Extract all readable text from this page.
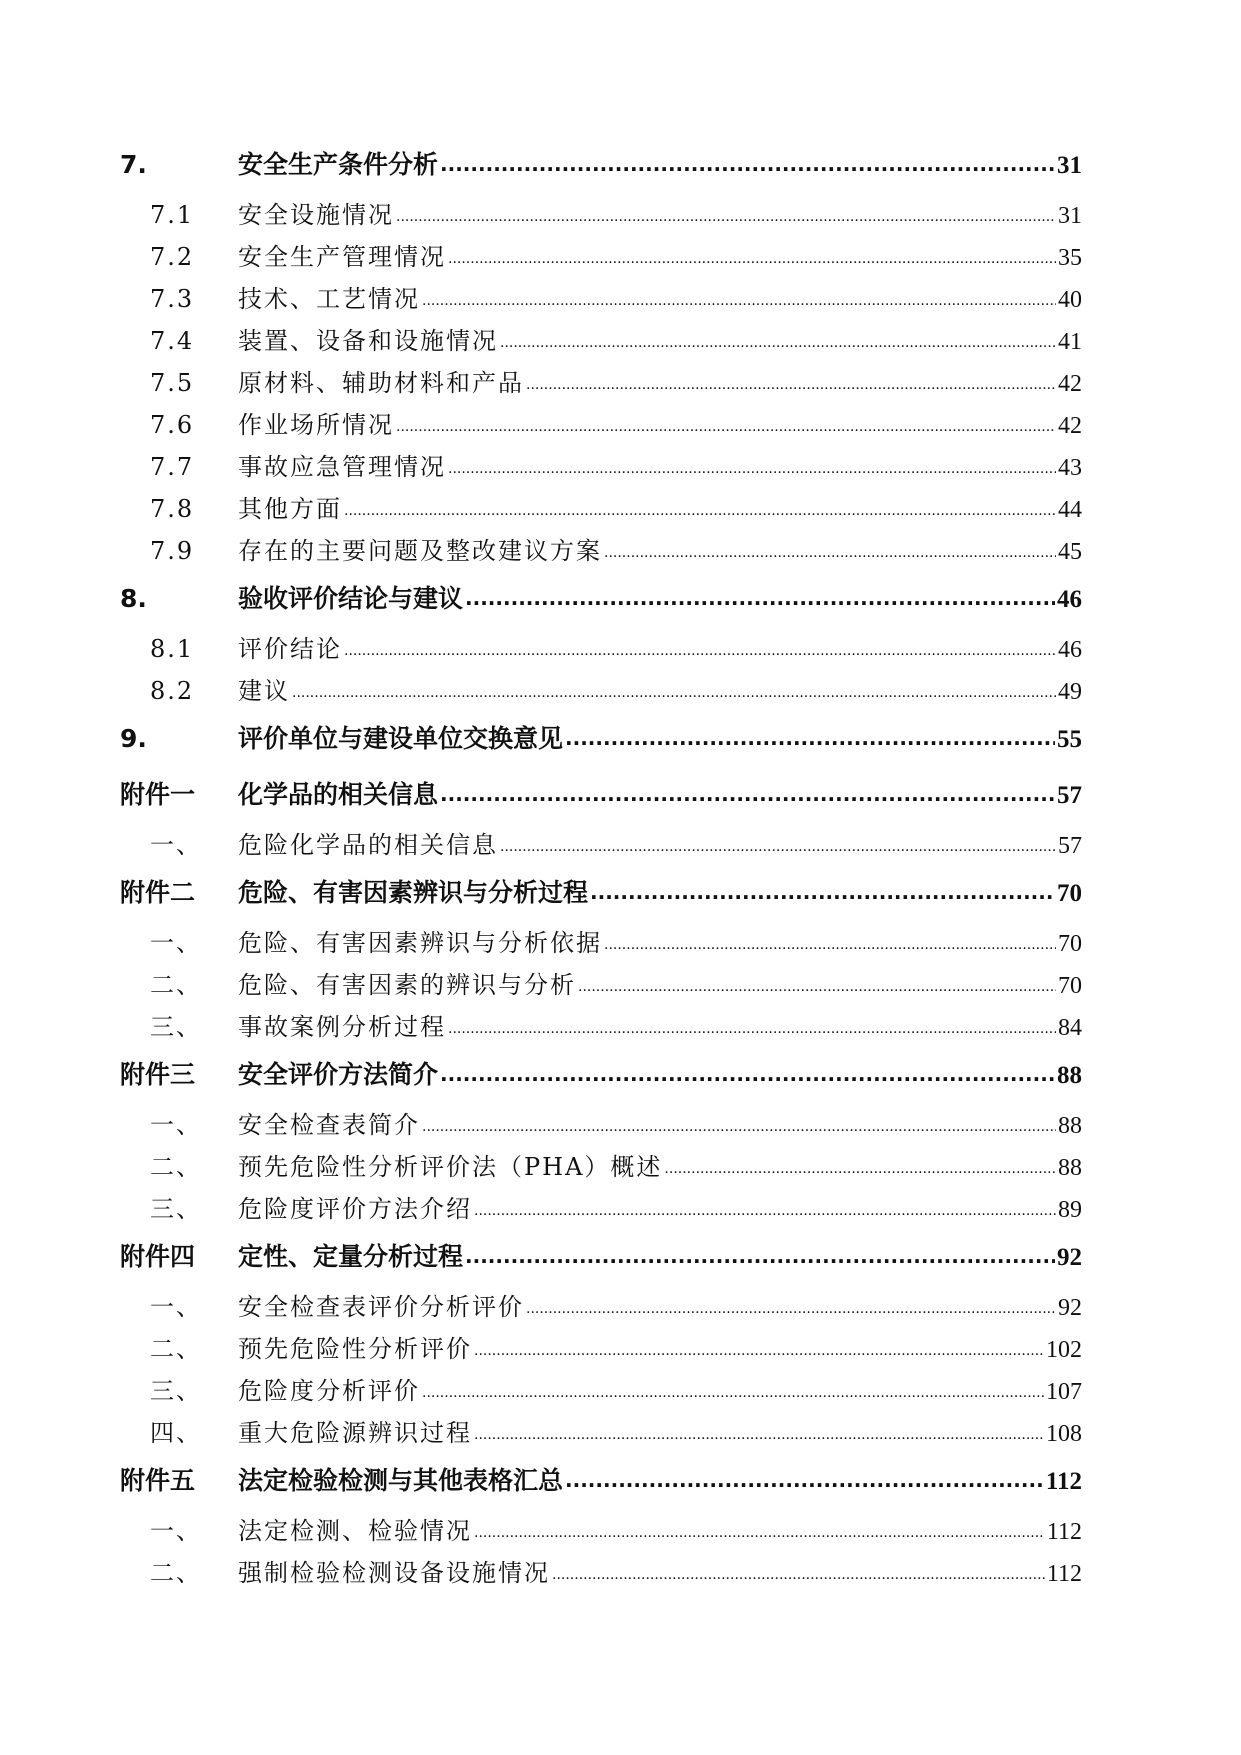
7.	安全生产条件分析 .....	31
7.1	安全设施情况 .....	31
7.2	安全生产管理情况 .....	35
7.3	技术、工艺情况 .....	40
7.4	装置、设备和设施情况 .....	41
7.5	原材料、辅助材料和产品 .....	42
7.6	作业场所情况 .....	42
7.7	事故应急管理情况 .....	43
7.8	其他方面 .....	44
7.9	存在的主要问题及整改建议方案 .....	45
8.	验收评价结论与建议 .....	46
8.1	评价结论 .....	46
8.2	建议 .....	49
9.	评价单位与建设单位交换意见 .....	55
附件一	化学品的相关信息 .....	57
一、	危险化学品的相关信息 .....	57
附件二	危险、有害因素辨识与分析过程 .....	70
一、	危险、有害因素辨识与分析依据 .....	70
二、	危险、有害因素的辨识与分析 .....	70
三、	事故案例分析过程 .....	84
附件三	安全评价方法简介 .....	88
一、	安全检查表简介 .....	88
二、	预先危险性分析评价法（PHA）概述 .....	88
三、	危险度评价方法介绍 .....	89
附件四	定性、定量分析过程 .....	92
一、	安全检查表评价分析评价 .....	92
二、	预先危险性分析评价 .....	102
三、	危险度分析评价 .....	107
四、	重大危险源辨识过程 .....	108
附件五	法定检验检测与其他表格汇总 .....	112
一、	法定检测、检验情况 .....	112
二、	强制检验检测设备设施情况 .....	112
